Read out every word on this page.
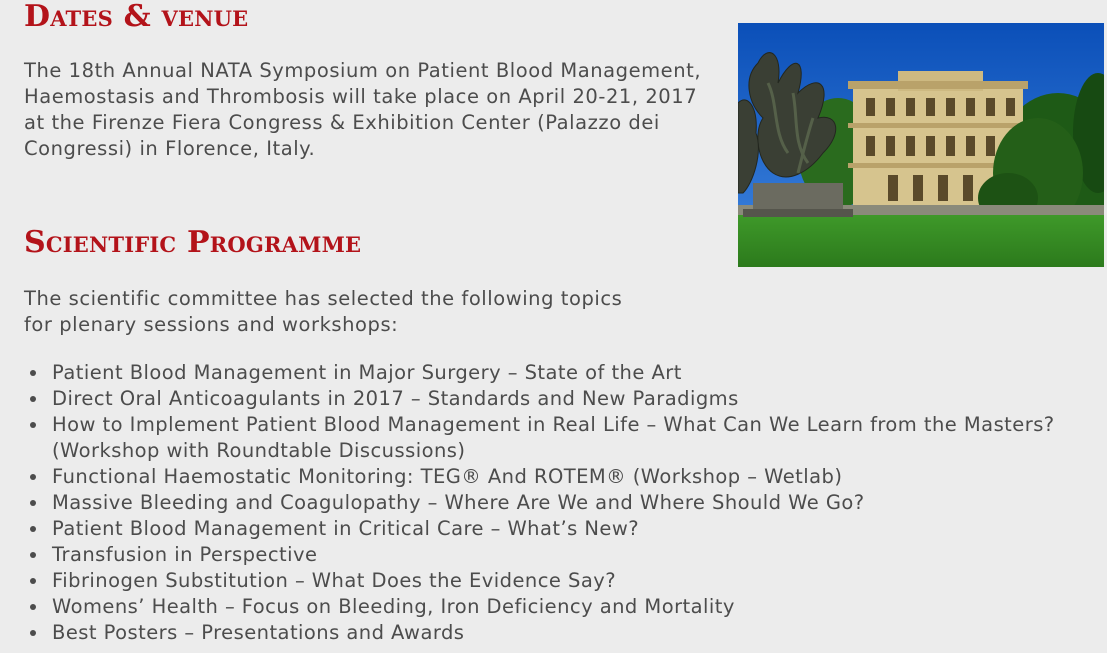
Dates & venue

The 18th Annual NATA Symposium on Patient Blood Management, Haemostasis and Thrombosis will take place on April 20-21, 2017 at the Firenze Fiera Congress & Exhibition Center (Palazzo dei Congressi) in Florence, Italy.

Scientific Programme

The scientific committee has selected the following topics
for plenary sessions and workshops:

Patient Blood Management in Major Surgery – State of the Art
Direct Oral Anticoagulants in 2017 – Standards and New Paradigms
How to Implement Patient Blood Management in Real Life – What Can We Learn from the Masters?
(Workshop with Roundtable Discussions)
Functional Haemostatic Monitoring: TEG® And ROTEM® (Workshop – Wetlab)
Massive Bleeding and Coagulopathy – Where Are We and Where Should We Go?
Patient Blood Management in Critical Care – What’s New?
Transfusion in Perspective
Fibrinogen Substitution – What Does the Evidence Say?
Womens’ Health – Focus on Bleeding, Iron Deficiency and Mortality
Best Posters – Presentations and Awards
